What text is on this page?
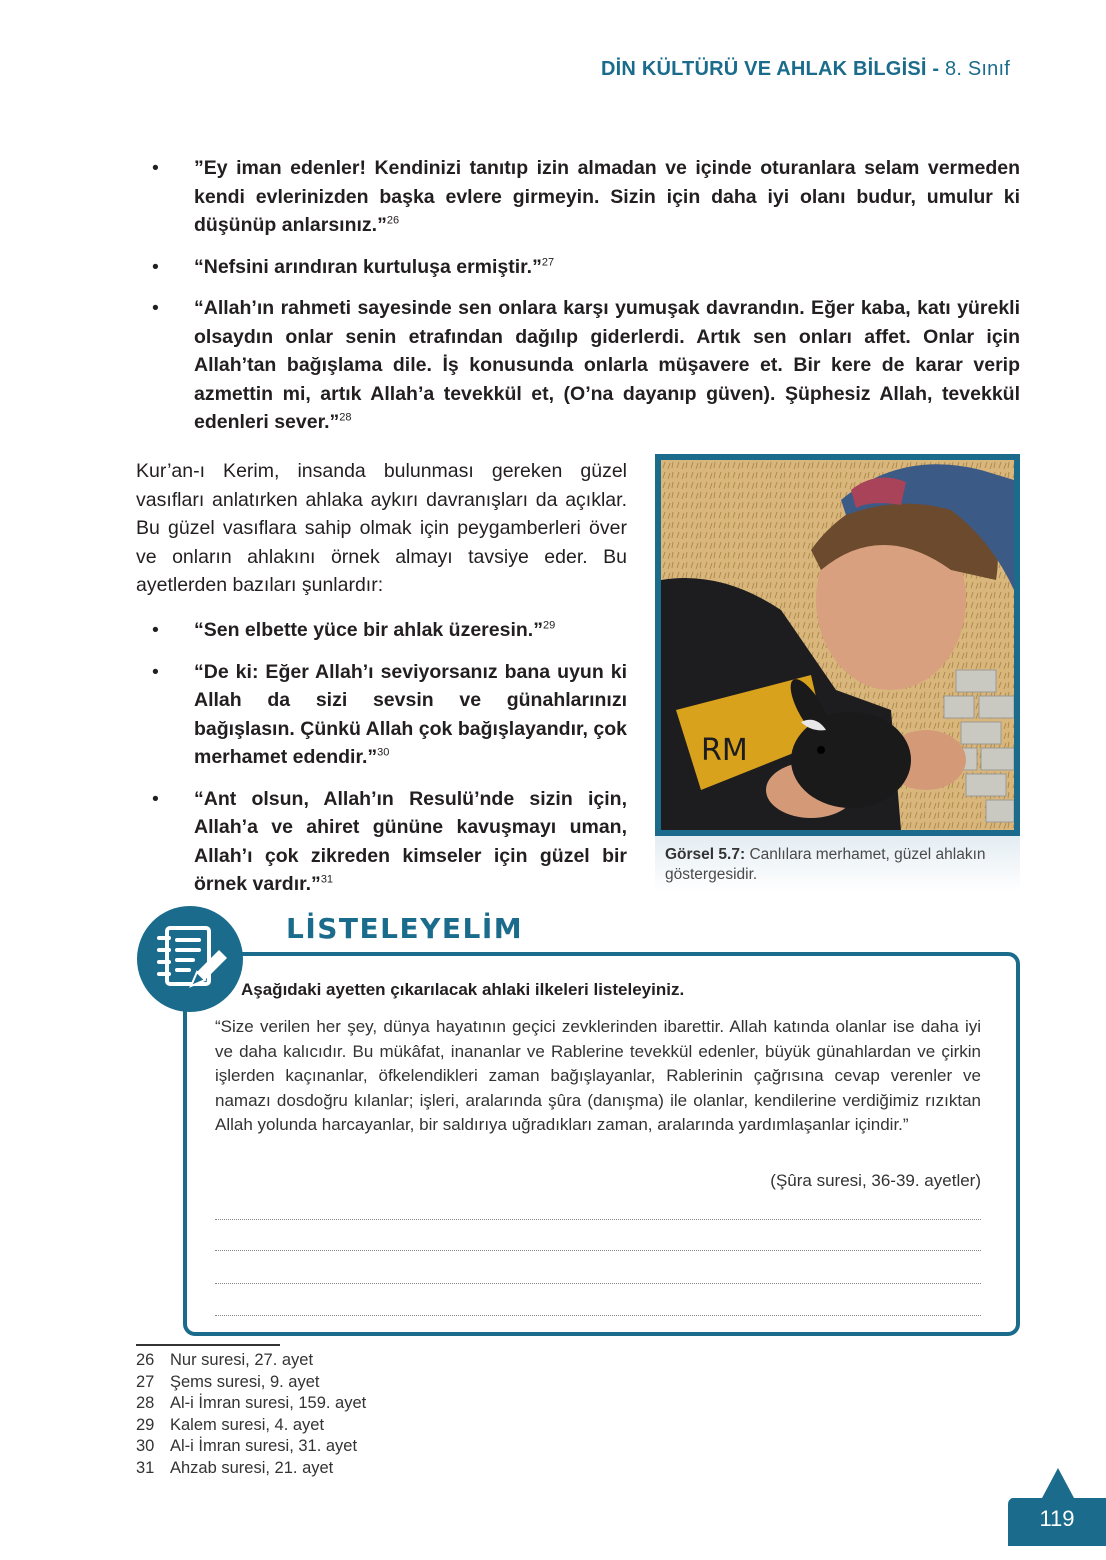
DİN KÜLTÜRÜ VE AHLAK BİLGİSİ - 8. Sınıf
• ”Ey iman edenler! Kendinizi tanıtıp izin almadan ve içinde oturanlara selam vermeden kendi evlerinizden başka evlere girmeyin. Sizin için daha iyi olanı budur, umulur ki düşünüp anlarsınız.”$^{26}$
• “Nefsini arındıran kurtuluşa ermiştir.”$^{27}$
• “Allah’ın rahmeti sayesinde sen onlara karşı yumuşak davrandın. Eğer kaba, katı yürekli olsaydın onlar senin etrafından dağılıp giderlerdi. Artık sen onları affet. Onlar için Allah’tan bağışlama dile. İş konusunda onlarla müşavere et. Bir kere de karar verip azmettin mi, artık Allah’a tevekkül et, (O’na dayanıp güven). Şüphesiz Allah, tevekkül edenleri sever.”$^{28}$
Kur’an-ı Kerim, insanda bulunması gereken güzel vasıfları anlatırken ahlaka aykırı davranışları da açıklar. Bu güzel vasıflara sahip olmak için peygamberleri över ve onların ahlakını örnek almayı tavsiye eder. Bu ayetlerden bazıları şunlardır:
• “Sen elbette yüce bir ahlak üzeresin.”$^{29}$
• “De ki: Eğer Allah’ı seviyorsanız bana uyun ki Allah da sizi sevsin ve günahlarınızı bağışlasın. Çünkü Allah çok bağışlayandır, çok merhamet edendir.”$^{30}$
• “Ant olsun, Allah’ın Resulü’nde sizin için, Allah’a ve ahiret gününe kavuşmayı uman, Allah’ı çok zikreden kimseler için güzel bir örnek vardır.”$^{31}$
RM
Görsel 5.7: Canlılara merhamet, güzel ahlakın göstergesidir.
LİSTELEYELİM
Aşağıdaki ayetten çıkarılacak ahlaki ilkeleri listeleyiniz.
“Size verilen her şey, dünya hayatının geçici zevklerinden ibarettir. Allah katında olanlar ise daha iyi ve daha kalıcıdır. Bu mükâfat, inananlar ve Rablerine tevekkül edenler, büyük günahlardan ve çirkin işlerden kaçınanlar, öfkelendikleri zaman bağışlayanlar, Rablerinin çağrısına cevap verenler ve namazı dosdoğru kılanlar; işleri, aralarında şûra (danışma) ile olanlar, kendilerine verdiğimiz rızıktan Allah yolunda harcayanlar, bir saldırıya uğradıkları zaman, aralarında yardımlaşanlar içindir.”
(Şûra suresi, 36-39. ayetler)
26 Nur suresi, 27. ayet
27 Şems suresi, 9. ayet
28 Al-i İmran suresi, 159. ayet
29 Kalem suresi, 4. ayet
30 Al-i İmran suresi, 31. ayet
31 Ahzab suresi, 21. ayet
119
